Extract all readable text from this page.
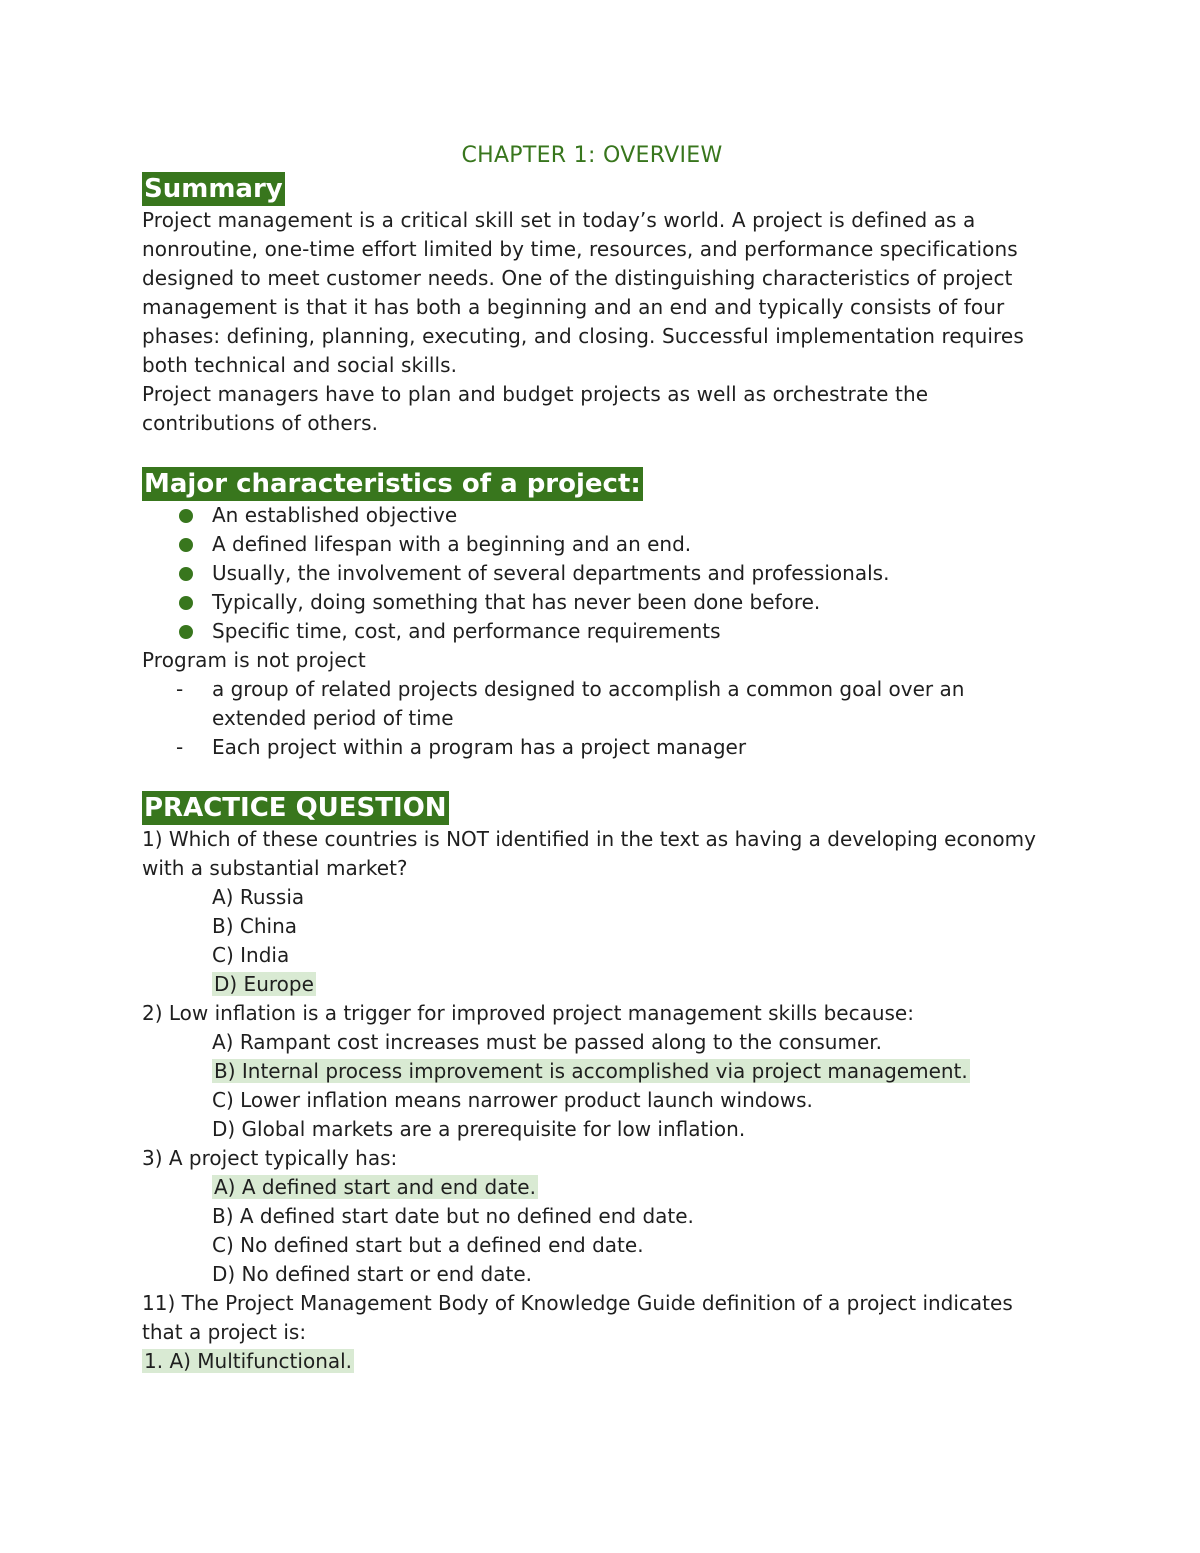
CHAPTER 1: OVERVIEW
Summary

Project management is a critical skill set in today’s world. A project is defined as a nonroutine, one-time effort limited by time, resources, and performance specifications designed to meet customer needs. One of the distinguishing characteristics of project management is that it has both a beginning and an end and typically consists of four phases: defining, planning, executing, and closing. Successful implementation requires both technical and social skills.

Project managers have to plan and budget projects as well as orchestrate the contributions of others.

Major characteristics of a project:
An established objective
A defined lifespan with a beginning and an end.
Usually, the involvement of several departments and professionals.
Typically, doing something that has never been done before.
Specific time, cost, and performance requirements

Program is not project

- a group of related projects designed to accomplish a common goal over an extended period of time
- Each project within a program has a project manager
PRACTICE QUESTION

1) Which of these countries is NOT identified in the text as having a developing economy with a substantial market?

A) Russia

B) China

C) India

D) Europe

2) Low inflation is a trigger for improved project management skills because:

A) Rampant cost increases must be passed along to the consumer.

B) Internal process improvement is accomplished via project management.

C) Lower inflation means narrower product launch windows.

D) Global markets are a prerequisite for low inflation.

3) A project typically has:

A) A defined start and end date.

B) A defined start date but no defined end date.

C) No defined start but a defined end date.

D) No defined start or end date.

11) The Project Management Body of Knowledge Guide definition of a project indicates

that a project is:

1. A) Multifunctional.
